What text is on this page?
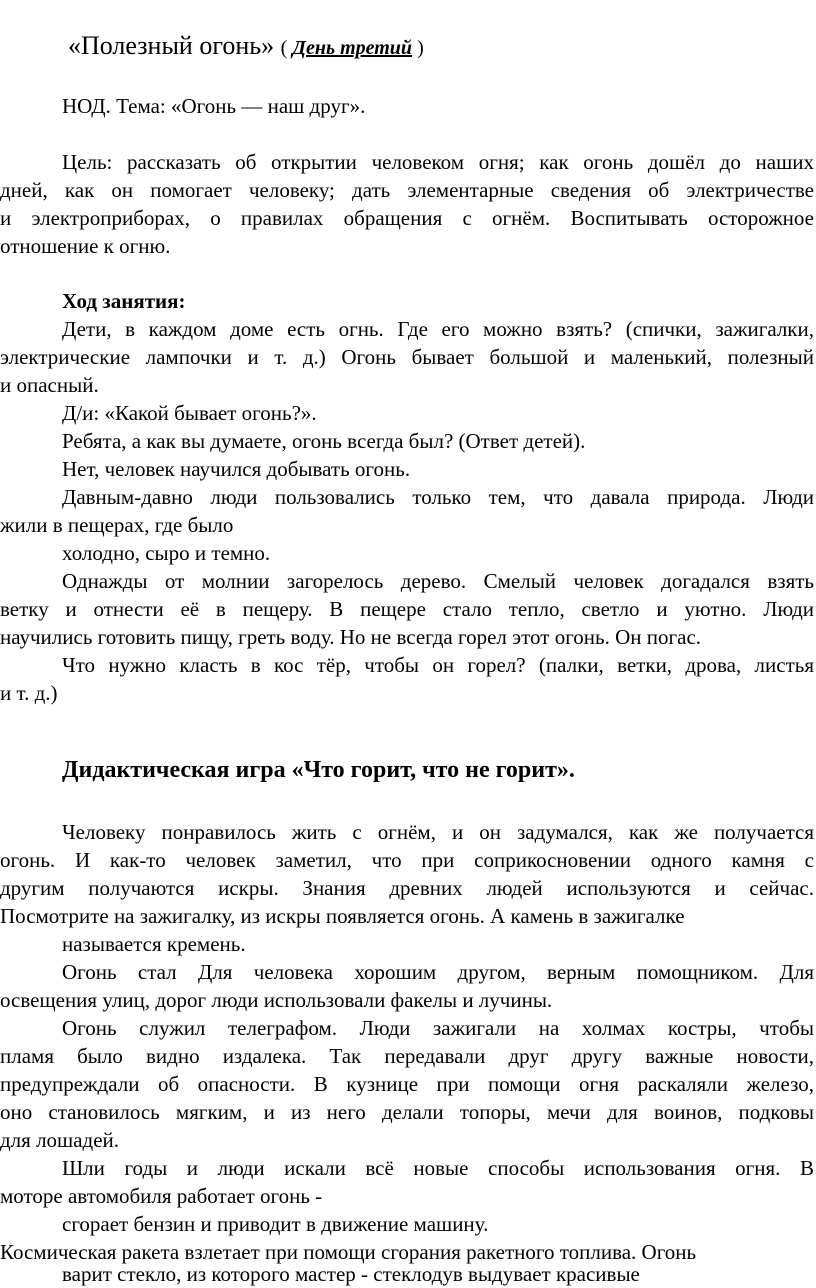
«Полезный огонь» ( День третий )
НОД. Тема: «Огонь — наш друг».
Цель: рассказать об открытии человеком огня; как огонь дошёл до наших
дней, как он помогает человеку; дать элементарные сведения об электричестве
и электроприборах, о правилах обращения с огнём. Воспитывать осторожное
отношение к огню.
Ход занятия:
Дети, в каждом доме есть огнь. Где его можно взять? (спички, зажигалки,
электрические лампочки и т. д.) Огонь бывает большой и маленький, полезный
и опасный.
Д/и: «Какой бывает огонь?».
Ребята, а как вы думаете, огонь всегда был? (Ответ детей).
Нет, человек научился добывать огонь.
Давным-давно люди пользовались только тем, что давала природа. Люди
жили в пещерах, где было
холодно, сыро и темно.
Однажды от молнии загорелось дерево. Смелый человек догадался взять
ветку и отнести её в пещеру. В пещере стало тепло, светло и уютно. Люди
научились готовить пищу, греть воду. Но не всегда горел этот огонь. Он погас.
Что нужно класть в кос тёр, чтобы он горел? (палки, ветки, дрова, листья
и т. д.)
Дидактическая игра «Что горит, что не горит».
Человеку понравилось жить с огнём, и он задумался, как же получается
огонь. И как-то человек заметил, что при соприкосновении одного камня с
другим получаются искры. Знания древних людей используются и сейчас.
Посмотрите на зажигалку, из искры появляется огонь. А камень в зажигалке
называется кремень.
Огонь стал Для человека хорошим другом, верным помощником. Для
освещения улиц, дорог люди использовали факелы и лучины.
Огонь служил телеграфом. Люди зажигали на холмах костры, чтобы
пламя было видно издалека. Так передавали друг другу важные новости,
предупреждали об опасности. В кузнице при помощи огня раскаляли железо,
оно становилось мягким, и из него делали топоры, мечи для воинов, подковы
для лошадей.
Шли годы и люди искали всё новые способы использования огня. В
моторе автомобиля работает огонь -
сгорает бензин и приводит в движение машину.
Космическая ракета взлетает при помощи сгорания ракетного топлива. Огонь
варит стекло, из которого мастер - стеклодув выдувает красивые
